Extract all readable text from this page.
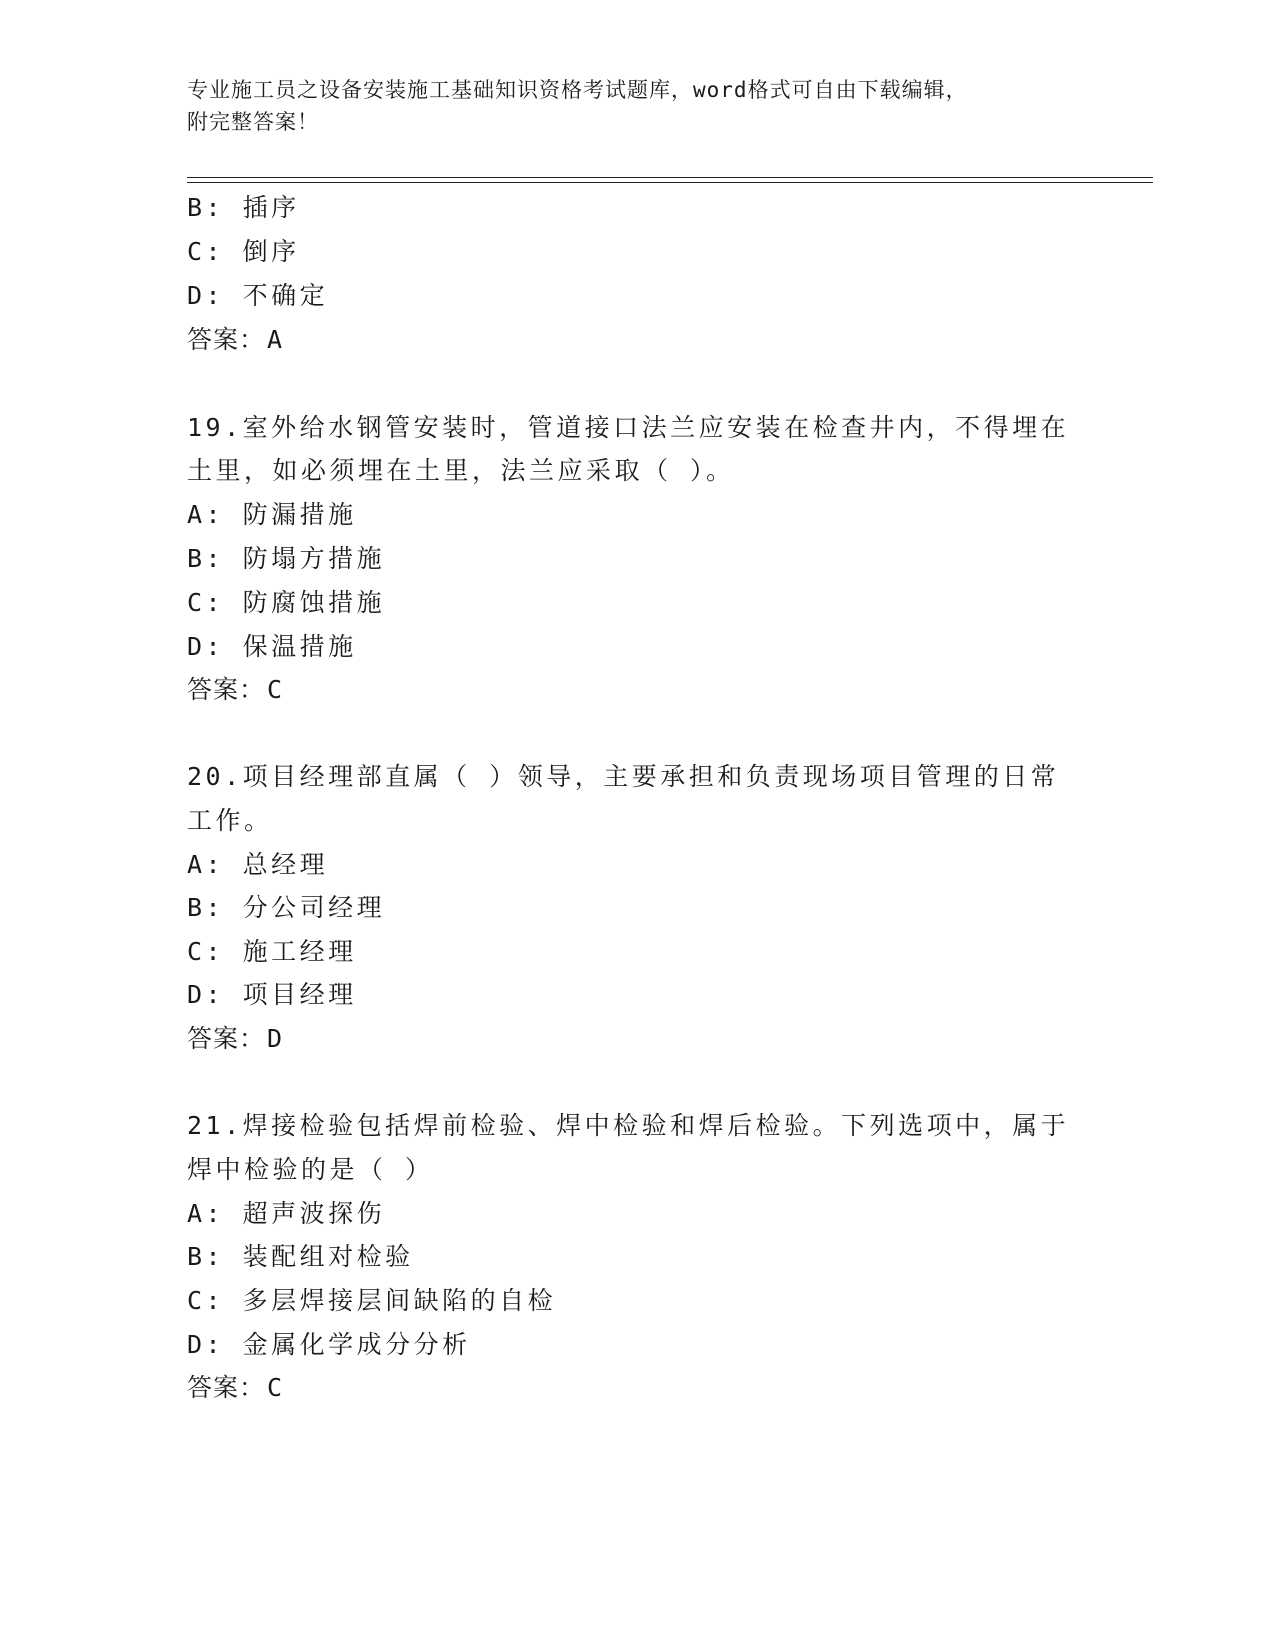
专业施工员之设备安装施工基础知识资格考试题库，word格式可自由下载编辑，
附完整答案！
B: 插序
C: 倒序
D: 不确定
答案：A
19.室外给水钢管安装时，管道接口法兰应安装在检查井内，不得埋在
土里，如必须埋在土里，法兰应采取（ ）。
A: 防漏措施
B: 防塌方措施
C: 防腐蚀措施
D: 保温措施
答案：C
20.项目经理部直属（ ）领导，主要承担和负责现场项目管理的日常
工作。
A: 总经理
B: 分公司经理
C: 施工经理
D: 项目经理
答案：D
21.焊接检验包括焊前检验、焊中检验和焊后检验。下列选项中，属于
焊中检验的是（ ）
A: 超声波探伤
B: 装配组对检验
C: 多层焊接层间缺陷的自检
D: 金属化学成分分析
答案：C
